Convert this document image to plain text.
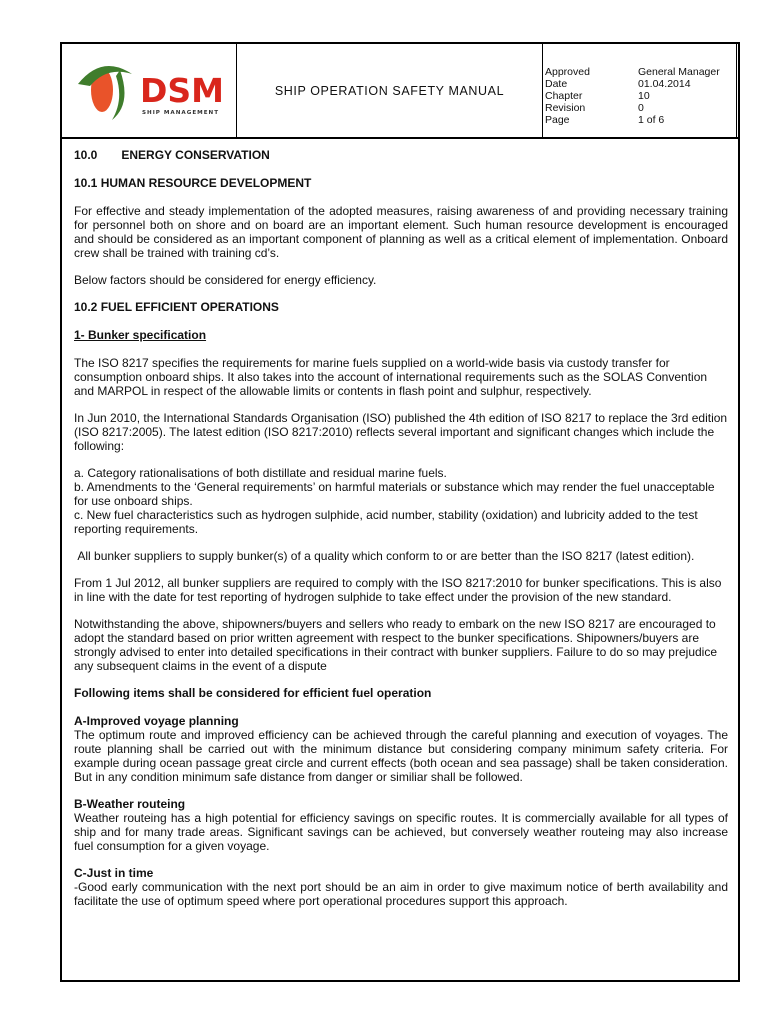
DSM
SHIP MANAGEMENT
SHIP OPERATION SAFETY MANUAL
Approved	General Manager
Date	01.04.2014
Chapter	10
Revision	0
Page	1 of 6

10.0 ENERGY CONSERVATION

10.1 HUMAN RESOURCE DEVELOPMENT

For effective and steady implementation of the adopted measures, raising awareness of and providing necessary training for personnel both on shore and on board are an important element. Such human resource development is encouraged and should be considered as an important component of planning as well as a critical element of implementation. Onboard crew shall be trained with training cd’s.

Below factors should be considered for energy efficiency.

10.2 FUEL EFFICIENT OPERATIONS

1- Bunker specification

The ISO 8217 specifies the requirements for marine fuels supplied on a world-wide basis via custody transfer for consumption onboard ships. It also takes into the account of international requirements such as the SOLAS Convention and MARPOL in respect of the allowable limits or contents in flash point and sulphur, respectively.

In Jun 2010, the International Standards Organisation (ISO) published the 4th edition of ISO 8217 to replace the 3rd edition (ISO 8217:2005). The latest edition (ISO 8217:2010) reflects several important and significant changes which include the following:

a. Category rationalisations of both distillate and residual marine fuels.

b. Amendments to the ‘General requirements’ on harmful materials or substance which may render the fuel unacceptable for use onboard ships.

c. New fuel characteristics such as hydrogen sulphide, acid number, stability (oxidation) and lubricity added to the test reporting requirements.

All bunker suppliers to supply bunker(s) of a quality which conform to or are better than the ISO 8217 (latest edition).

From 1 Jul 2012, all bunker suppliers are required to comply with the ISO 8217:2010 for bunker specifications. This is also in line with the date for test reporting of hydrogen sulphide to take effect under the provision of the new standard.

Notwithstanding the above, shipowners/buyers and sellers who ready to embark on the new ISO 8217 are encouraged to adopt the standard based on prior written agreement with respect to the bunker specifications. Shipowners/buyers are strongly advised to enter into detailed specifications in their contract with bunker suppliers. Failure to do so may prejudice any subsequent claims in the event of a dispute

Following items shall be considered for efficient fuel operation

A-Improved voyage planning

The optimum route and improved efficiency can be achieved through the careful planning and execution of voyages. The route planning shall be carried out with the minimum distance but considering company minimum safety criteria. For example during ocean passage great circle and current effects (both ocean and sea passage) shall be taken consideration. But in any condition minimum safe distance from danger or similiar shall be followed.

B-Weather routeing

Weather routeing has a high potential for efficiency savings on specific routes. It is commercially available for all types of ship and for many trade areas. Significant savings can be achieved, but conversely weather routeing may also increase fuel consumption for a given voyage.

C-Just in time

-Good early communication with the next port should be an aim in order to give maximum notice of berth availability and facilitate the use of optimum speed where port operational procedures support this approach.
